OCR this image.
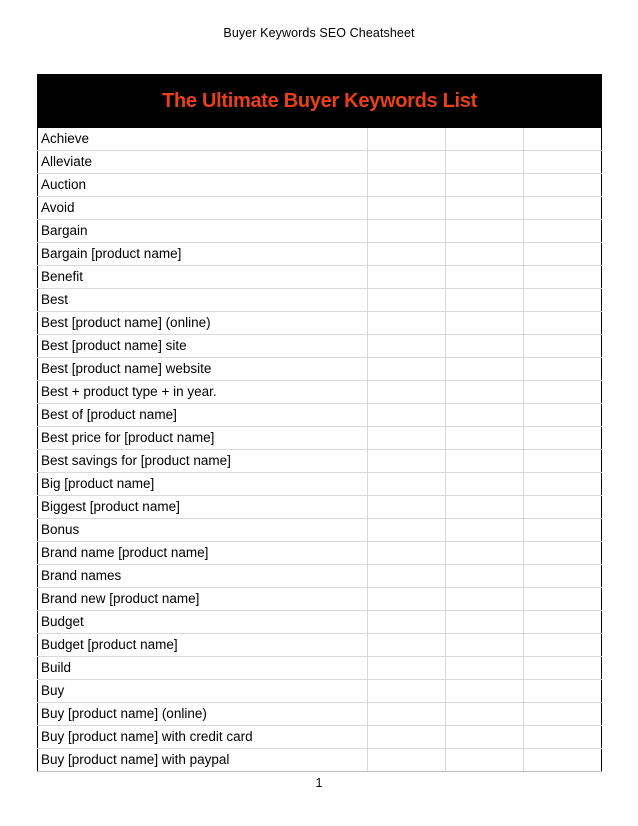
Buyer Keywords SEO Cheatsheet
The Ultimate Buyer Keywords List			
Achieve			
Alleviate			
Auction			
Avoid			
Bargain			
Bargain [product name]			
Benefit			
Best			
Best [product name] (online)			
Best [product name] site			
Best [product name] website			
Best + product type + in year.			
Best of [product name]			
Best price for [product name]			
Best savings for [product name]			
Big [product name]			
Biggest [product name]			
Bonus			
Brand name [product name]			
Brand names			
Brand new [product name]			
Budget			
Budget [product name]			
Build			
Buy			
Buy [product name] (online)			
Buy [product name] with credit card			
Buy [product name] with paypal			
1
